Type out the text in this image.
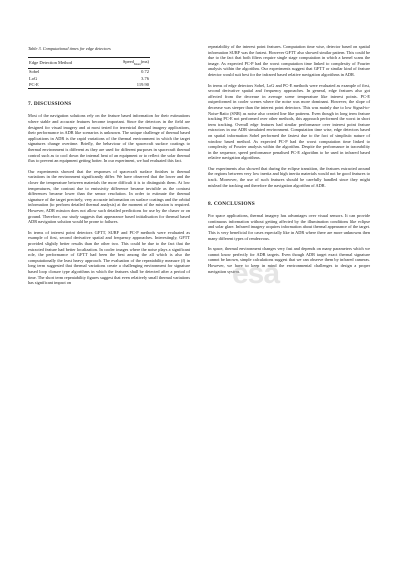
Table 3. Computational times for edge detectors
Edge Detection Method	Speed$_{Mean}$(ms)
Sobel	0.72
LoG	3.76
PC-E	119.90
7. DISCUSSIONS

Most of the navigation solutions rely on the feature based information for their estimations where stable and accurate features become important. Since the detectors in the field are designed for visual imagery and at most tested for terrestrial thermal imagery applications, their performance in ADR like scenarios is unknown. The unique challenge of thermal based applications in ADR is the rapid variations of the thermal environment in which the target signatures change overtime. Briefly, the behaviour of the spacecraft surface coatings to thermal environment is different as they are used for different purposes in spacecraft thermal control such as to cool down the internal heat of an equipment or to reflect the solar thermal flux to prevent an equipment getting hotter. In our experiment, we had evaluated this fact.

Our experiments showed that the responses of spacecraft surface finishes to thermal variations in the environment significantly differ. We have observed that the lower and the closer the temperature between materials the more difficult it is to distinguish them. At low temperatures, the contrast due to emissivity difference became invisible as the contrast differences became lower than the sensor resolution. In order to estimate the thermal signature of the target precisely, very accurate information on surface coatings and the orbital information (to perform detailed thermal analysis) at the moment of the mission is required. However, ADR mission does not allow such detailed predictions for use by the chaser or on ground. Therefore, our study suggests that appearance based initialisation for thermal based ADR navigation solution would be prone to failures.

In terms of interest point detectors GFTT, SURF and PC-P methods were evaluated as example of first, second derivative spatial and frequency approaches. Interestingly, GFTT provided slightly better results than the other two. This could be due to the fact that the extracted feature had better localization. In cooler images where the noise plays a significant role, the performance of GFTT had been the best among the all which is also the computationally the least heavy approach. The evaluation of the repeatability measure (f) in long term suggested that thermal variations create a challenging environment for signature based loop closure type algorithms in which the features shall be detected after a period of time. The short term repeatability figures suggest that even relatively small thermal variations has significant impact on

repeatability of the interest point features. Computation time wise, detector based on spatial information SURF was the fastest. However GFTT also showed similar pattern. This could be due to the fact that both filters require single stage computation in which a kernel scans the image. As expected PC-P had the worst computation time linked to complexity of Fourier analysis within the algorithm. Our experiments suggest that GFTT or similar kind of feature detector would suit best for the infrared based relative navigation algorithms in ADR.

In terms of edge detectors Sobel, LoG and PC-E methods were evaluated as example of first, second derivative spatial and frequency approaches. In general, edge features also got affected from the decrease in average scene temperature like interest points. PC-E outperformed in cooler scenes where the noise was more dominant. However, the slope of decrease was steeper than the interest point detectors. This was mainly due to low Signal-to-Noise-Ratio (SNR) as noise also created line like patterns. Even though in long term feature tracking PC-E not performed over other methods, this approach performed the worst in short term tracking. Overall edge features had similar performance over interest point feature extractors in our ADR simulated environment. Computation time wise, edge detectors based on spatial information Sobel performed the fastest due to the fact of simplistic nature of window based method. As expected PC-P had the worst computation time linked to complexity of Fourier analysis within the algorithm. Despite the performance in traceability in the sequence, speed performance penalised PC-E algorithm to be used in infrared based relative navigation algorithms.

Our experiments also showed that during the eclipse transition, the features extracted around the regions between very low inertia and high inertia materials would not be good features to track. Moreover, the use of such features should be carefully handled since they might mislead the tracking and therefore the navigation algorithm of ADR.

8. CONCLUSIONS

For space applications, thermal imagery has advantages over visual sensors. It can provide continuous information without getting affected by the illumination conditions like eclipse and solar glare. Infrared imagery acquires information about thermal appearance of the target. This is very beneficial for cases especially like in ADR where there are more unknowns then many different types of rendezvous.

In space, thermal environment changes very fast and depends on many parameters which we cannot know perfectly for ADR targets. Even though ADR target exact thermal signature cannot be known, simple calculations suggest that we can observe them by infrared cameras. However, we have to keep in mind the environmental challenges to design a proper navigation system.

esa
